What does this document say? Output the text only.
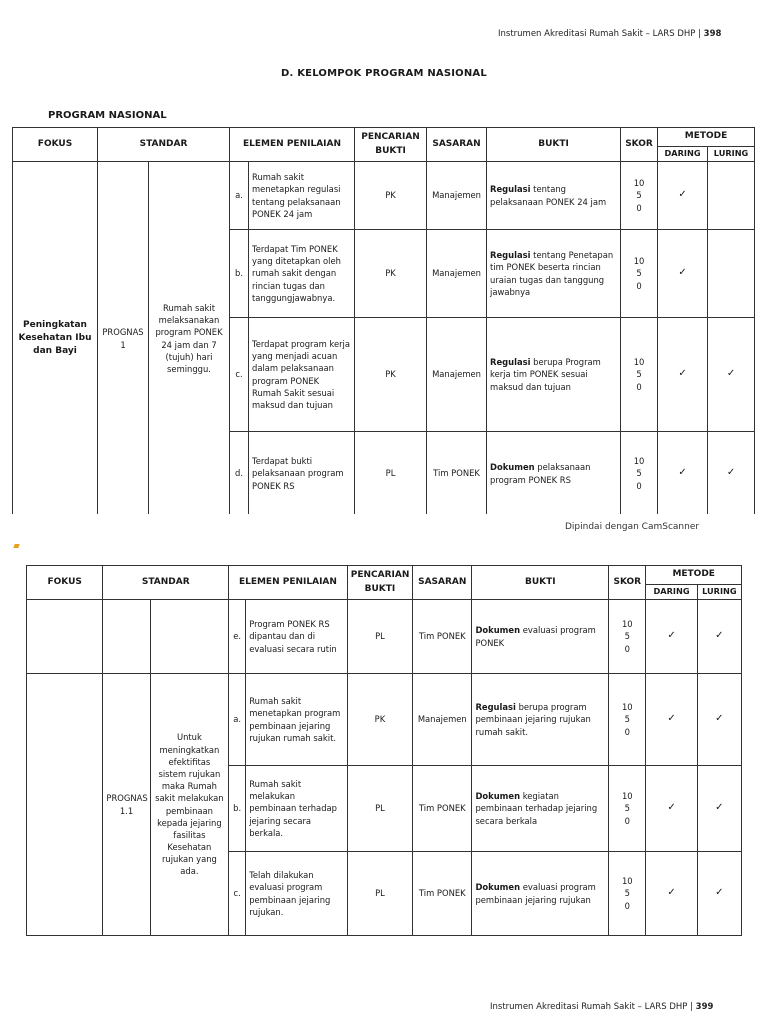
Instrumen Akreditasi Rumah Sakit – LARS DHP | 398
D. KELOMPOK PROGRAM NASIONAL
PROGRAM NASIONAL
FOKUS	STANDAR		ELEMEN PENILAIAN		PENCARIAN BUKTI	SASARAN	BUKTI	SKOR	METODE	
									DARING	LURING
Peningkatan Kesehatan Ibu dan Bayi	PROGNAS 1	Rumah sakit melaksanakan program PONEK 24 jam dan 7 (tujuh) hari seminggu.	a.	Rumah sakit menetapkan regulasi tentang pelaksanaan PONEK 24 jam	PK	Manajemen	Regulasi tentang pelaksanaan PONEK 24 jam	10
5
0	✓	
			b.	Terdapat Tim PONEK yang ditetapkan oleh rumah sakit dengan rincian tugas dan tanggungjawabnya.	PK	Manajemen	Regulasi tentang Penetapan tim PONEK beserta rincian uraian tugas dan tanggung jawabnya	10
5
0	✓	
			c.	Terdapat program kerja yang menjadi acuan dalam pelaksanaan program PONEK Rumah Sakit sesuai maksud dan tujuan	PK	Manajemen	Regulasi berupa Program kerja tim PONEK sesuai maksud dan tujuan	10
5
0	✓	✓
			d.	Terdapat bukti pelaksanaan program PONEK RS	PL	Tim PONEK	Dokumen pelaksanaan program PONEK RS	10
5
0	✓	✓
Dipindai dengan CamScanner
FOKUS	STANDAR		ELEMEN PENILAIAN		PENCARIAN BUKTI	SASARAN	BUKTI	SKOR	METODE	
									DARING	LURING
			e.	Program PONEK RS dipantau dan di evaluasi secara rutin	PL	Tim PONEK	Dokumen evaluasi program PONEK	10
5
0	✓	✓
	PROGNAS 1.1	Untuk meningkatkan efektifitas sistem rujukan maka Rumah sakit melakukan pembinaan kepada jejaring fasilitas Kesehatan rujukan yang ada.	a.	Rumah sakit menetapkan program pembinaan jejaring rujukan rumah sakit.	PK	Manajemen	Regulasi berupa program pembinaan jejaring rujukan rumah sakit.	10
5
0	✓	✓
			b.	Rumah sakit melakukan pembinaan terhadap jejaring secara berkala.	PL	Tim PONEK	Dokumen kegiatan pembinaan terhadap jejaring secara berkala	10
5
0	✓	✓
			c.	Telah dilakukan evaluasi program pembinaan jejaring rujukan.	PL	Tim PONEK	Dokumen evaluasi program pembinaan jejaring rujukan	10
5
0	✓	✓
Instrumen Akreditasi Rumah Sakit – LARS DHP | 399
